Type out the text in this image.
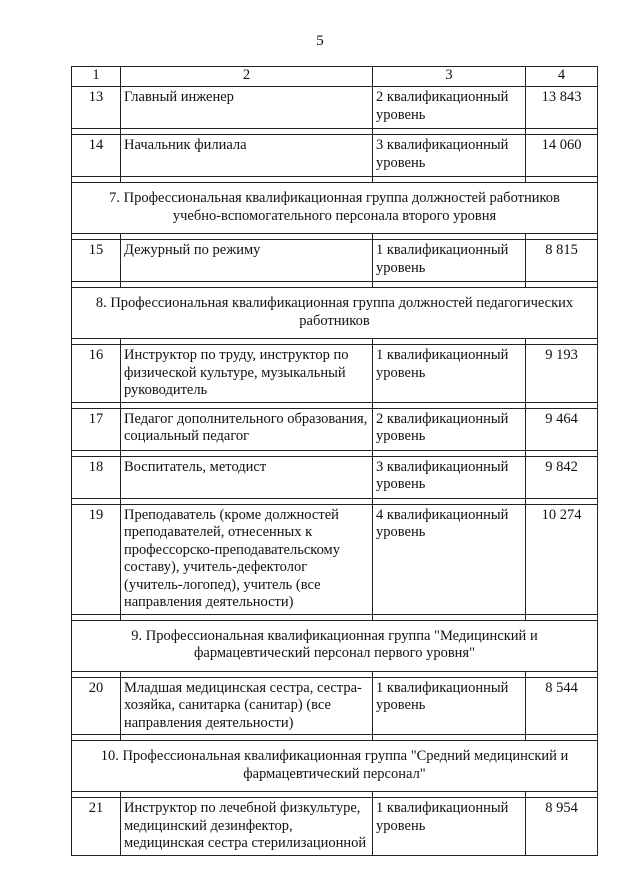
5
1	2	3	4
13	Главный инженер	2 квалификационный уровень	13 843

14	Начальник филиала	3 квалификационный уровень	14 060

7. Профессиональная квалификационная группа должностей работников учебно-вспомогательного персонала второго уровня			

15	Дежурный по режиму	1 квалификационный уровень	8 815

8. Профессиональная квалификационная группа должностей педагогических работников			

16	Инструктор по труду, инструктор по физической культуре, музыкальный руководитель	1 квалификационный уровень	9 193

17	Педагог дополнительного образования, социальный педагог	2 квалификационный уровень	9 464

18	Воспитатель, методист	3 квалификационный уровень	9 842

19	Преподаватель (кроме должностей преподавателей, отнесенных к профессорско-преподавательскому составу), учитель-дефектолог (учитель-логопед), учитель (все направления деятельности)	4 квалификационный уровень	10 274

9. Профессиональная квалификационная группа "Медицинский и фармацевтический персонал первого уровня"			

20	Младшая медицинская сестра, сестра-хозяйка, санитарка (санитар) (все направления деятельности)	1 квалификационный уровень	8 544

10. Профессиональная квалификационная группа "Средний медицинский и фармацевтический персонал"			

21	Инструктор по лечебной физкультуре, медицинский дезинфектор, медицинская сестра стерилизационной	1 квалификационный уровень	8 954
